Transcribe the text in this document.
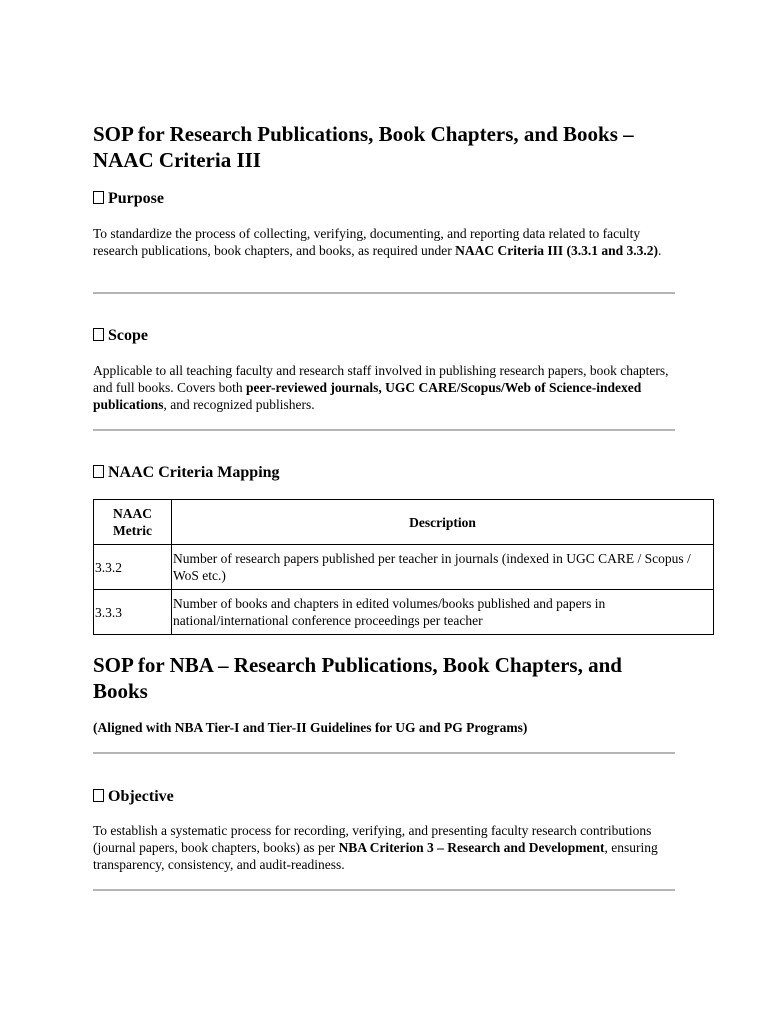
SOP for Research Publications, Book Chapters, and Books – NAAC Criteria III
Purpose

To standardize the process of collecting, verifying, documenting, and reporting data related to faculty research publications, book chapters, and books, as required under NAAC Criteria III (3.3.1 and 3.3.2).

Scope

Applicable to all teaching faculty and research staff involved in publishing research papers, book chapters, and full books. Covers both peer-reviewed journals, UGC CARE/Scopus/Web of Science-indexed publications, and recognized publishers.

NAAC Criteria Mapping
NAAC Metric	Description
3.3.2	Number of research papers published per teacher in journals (indexed in UGC CARE / Scopus / WoS etc.)
3.3.3	Number of books and chapters in edited volumes/books published and papers in national/international conference proceedings per teacher
SOP for NBA – Research Publications, Book Chapters, and Books

(Aligned with NBA Tier-I and Tier-II Guidelines for UG and PG Programs)

Objective

To establish a systematic process for recording, verifying, and presenting faculty research contributions (journal papers, book chapters, books) as per NBA Criterion 3 – Research and Development, ensuring transparency, consistency, and audit-readiness.
